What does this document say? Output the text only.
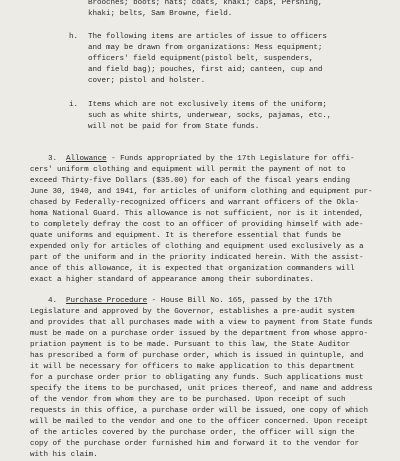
Brooches; boots; hats; coats, khaki; caps, Pershing,

khaki; belts, Sam Browne, field.

h. The following items are articles of issue to officers

and may be drawn from organizations: Mess equipment;

officers' field equipment(pistol belt, suspenders,

and field bag); pouches, first aid; canteen, cup and

cover; pistol and holster.

i. Items which are not exclusively items of the uniform;

such as white shirts, underwear, socks, pajamas, etc.,

will not be paid for from State funds.

3. Allowance - Funds appropriated by the 17th Legislature for offi-

cers' uniform clothing and equipment will permit the payment of not to

exceed Thirty-five Dollars ($35.00) for each of the fiscal years ending

June 30, 1940, and 1941, for articles of uniform clothing and equipment pur-

chased by Federally-recognized officers and warrant officers of the Okla-

homa National Guard. This allowance is not sufficient, nor is it intended,

to completely defray the cost to an officer of providing himself with ade-

quate uniforms and equipment. It is therefore essential that funds be

expended only for articles of clothing and equipment used exclusively as a

part of the uniform and in the priority indicated herein. With the assist-

ance of this allowance, it is expected that organization commanders will

exact a higher standard of appearance among their subordinates.

4. Purchase Procedure - House Bill No. 165, passed by the 17th

Legislature and approved by the Governor, establishes a pre-audit system

and provides that all purchases made with a view to payment from State funds

must be made on a purchase order issued by the department from whose appro-

priation payment is to be made. Pursuant to this law, the State Auditor

has prescribed a form of purchase order, which is issued in quintuple, and

it will be necessary for officers to make application to this department

for a purchase order prior to obligating any funds. Such applications must

specify the items to be purchased, unit prices thereof, and name and address

of the vendor from whom they are to be purchased. Upon receipt of such

requests in this office, a purchase order will be issued, one copy of which

will be mailed to the vendor and one to the officer concerned. Upon receipt

of the articles covered by the purchase order, the officer will sign the

copy of the purchase order furnished him and forward it to the vendor for

with his claim.
